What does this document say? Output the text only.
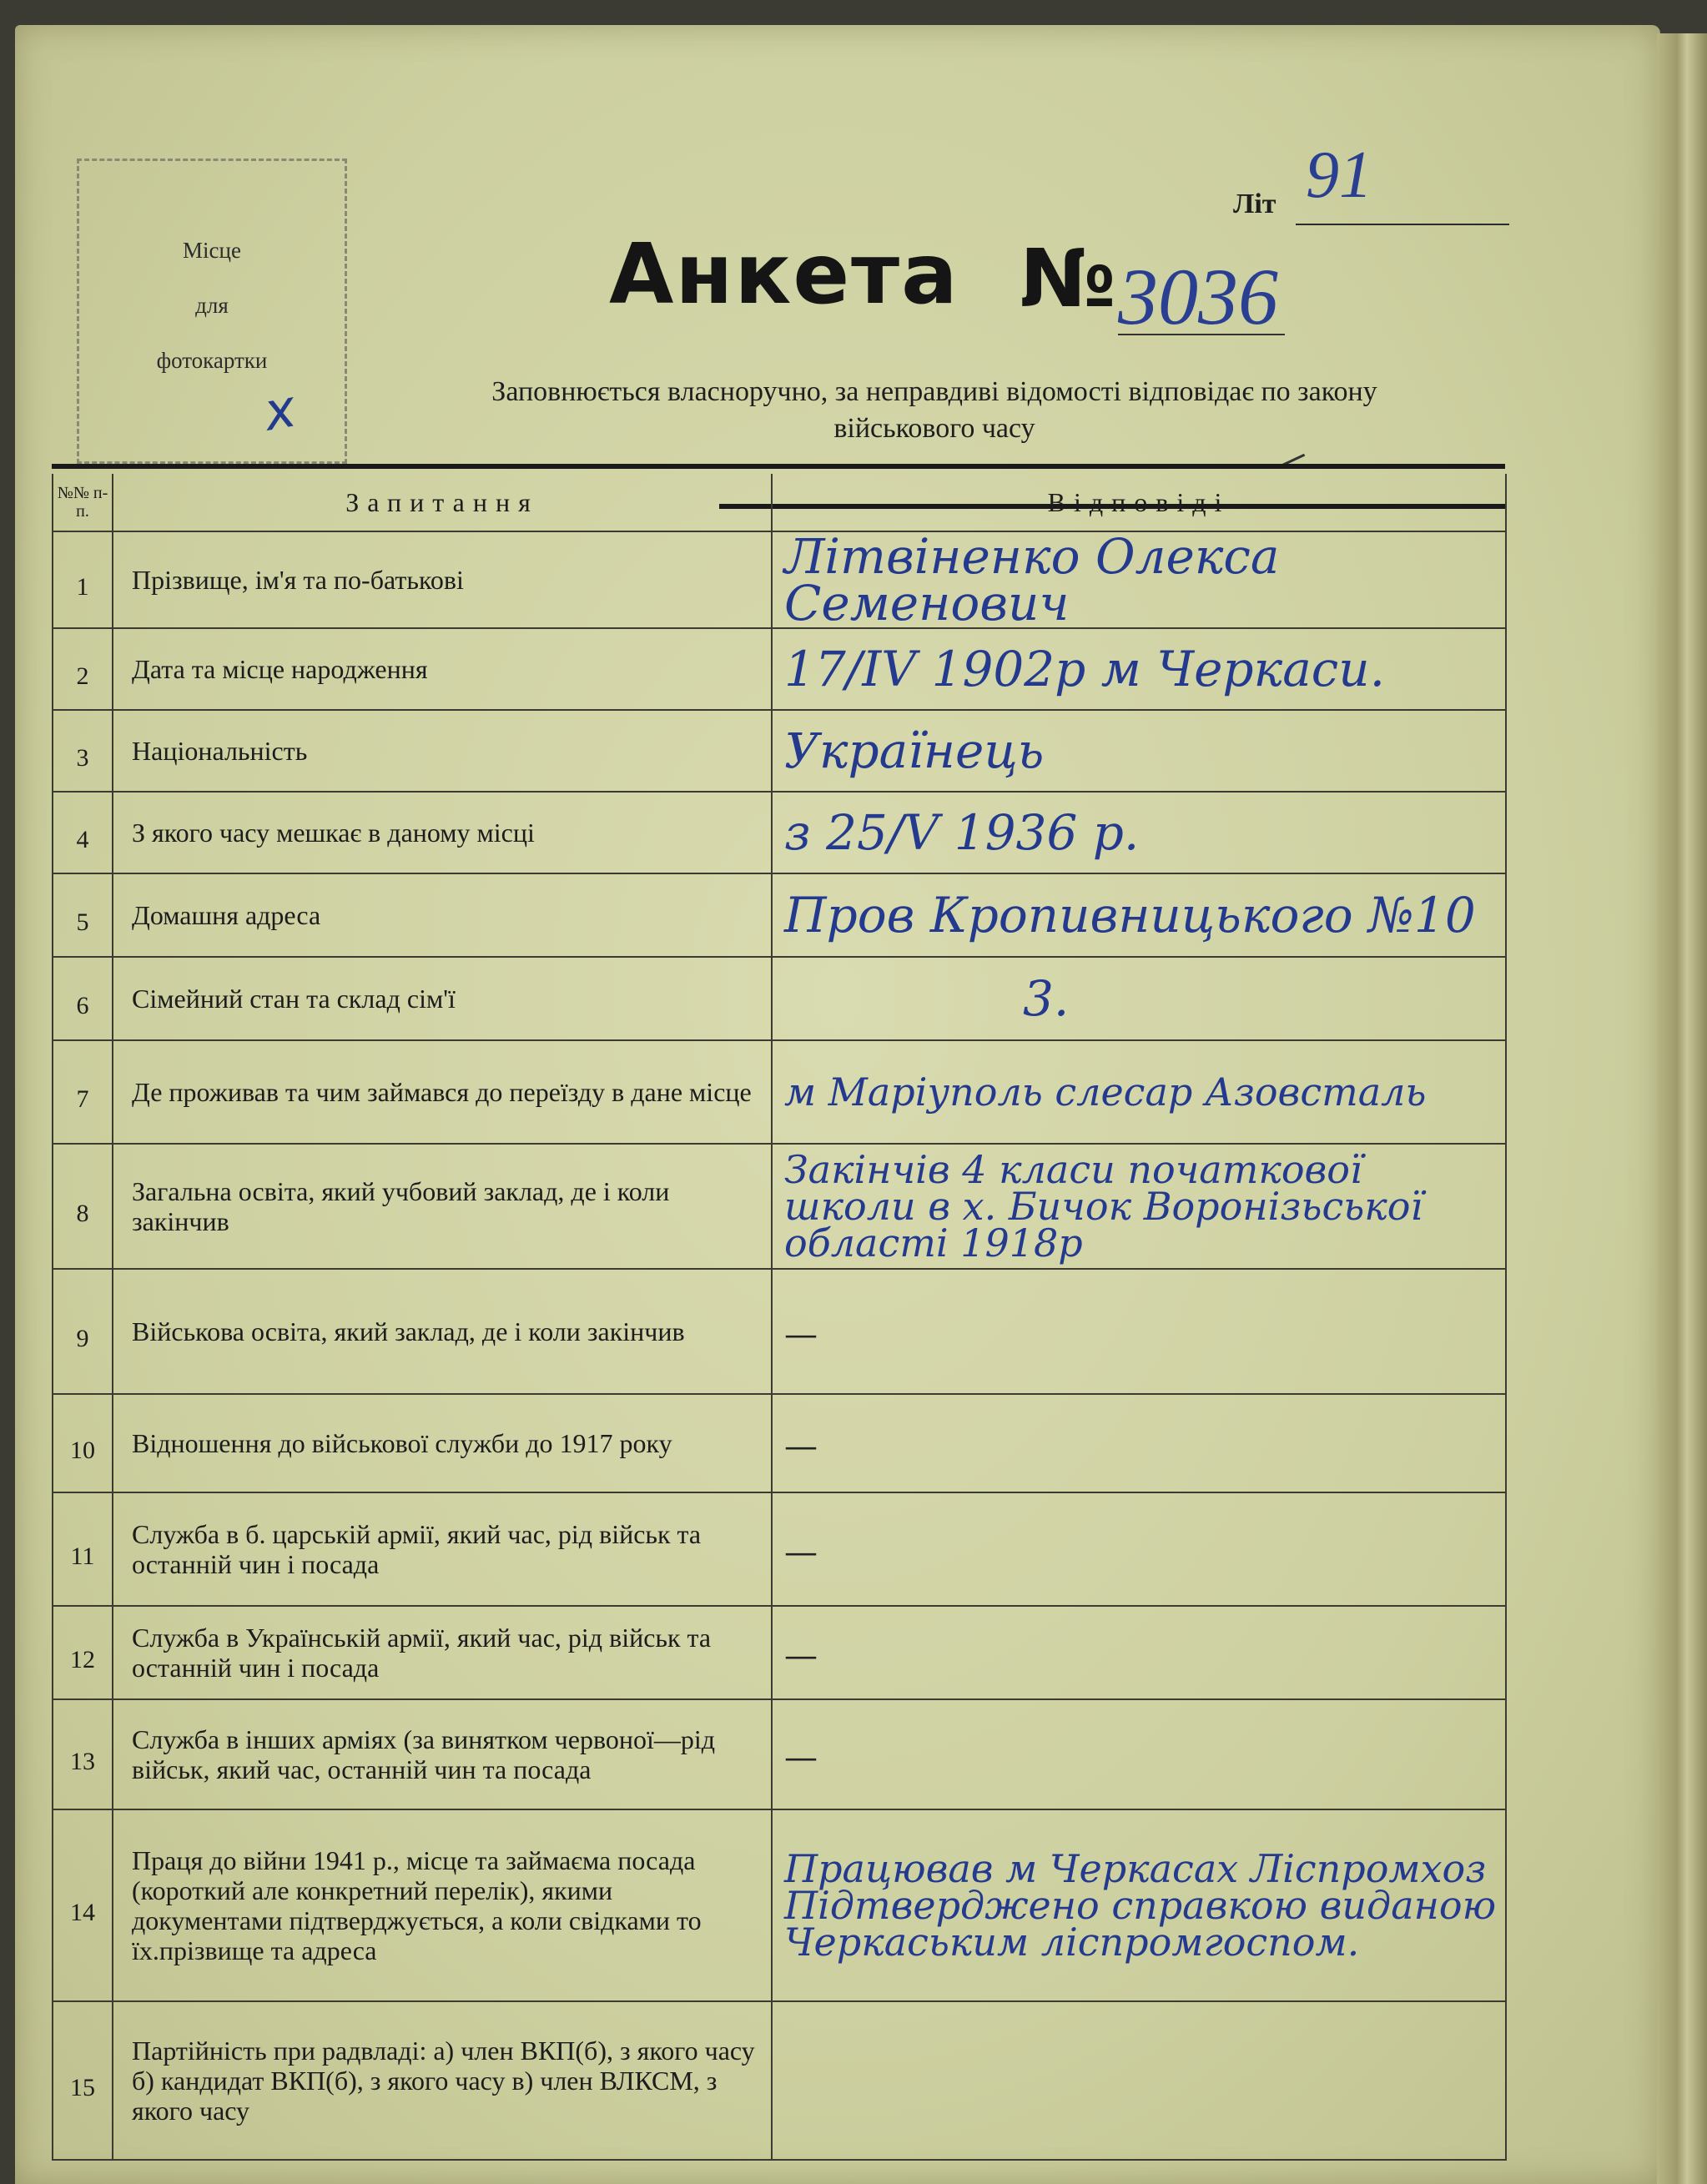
Місце
для
фотокартки
х
Літ 91
Анкета № 3036
Заповнюється власноручно, за неправдиві відомості відповідає по закону
військового часу
№№ п-п.	Запитання	Відповіді
1	Прізвище, ім'я та по-батькові	Літвіненко Олекса Семенович
2	Дата та місце народження	17/IV 1902р м Черкаси.
3	Національність	Українець
4	З якого часу мешкає в даному місці	з 25/V 1936 р.
5	Домашня адреса	Пров Кропивницького №10
6	Сімейний стан та склад сім'ї	3.
7	Де проживав та чим займався до переїзду в дане місце	м Маріуполь слесар Азовсталь
8	Загальна освіта, який учбовий заклад, де і коли закінчив	Закінчів 4 класи початкової школи в х. Бичок Воронізьської області 1918р
9	Військова освіта, який заклад, де і коли закінчив	—
10	Відношення до військової служби до 1917 року	—
11	Служба в б. царській армії, який час, рід військ та останній чин і посада	—
12	Служба в Українській армії, який час, рід військ та останній чин і посада	—
13	Служба в інших арміях (за винятком червоної—рід військ, який час, останній чин та посада	—
14	Праця до війни 1941 р., місце та займаєма посада (короткий але конкретний перелік), якими документами підтверджується, а коли свідками то їх.прізвище та адреса	Працював м Черкасах Ліспромхоз Підтверджено справкою виданою Черкаським ліспромгоспом.
15	Партійність при радвладі: а) член ВКП(б), з якого часу б) кандидат ВКП(б), з якого часу в) член ВЛКСМ, з якого часу	
